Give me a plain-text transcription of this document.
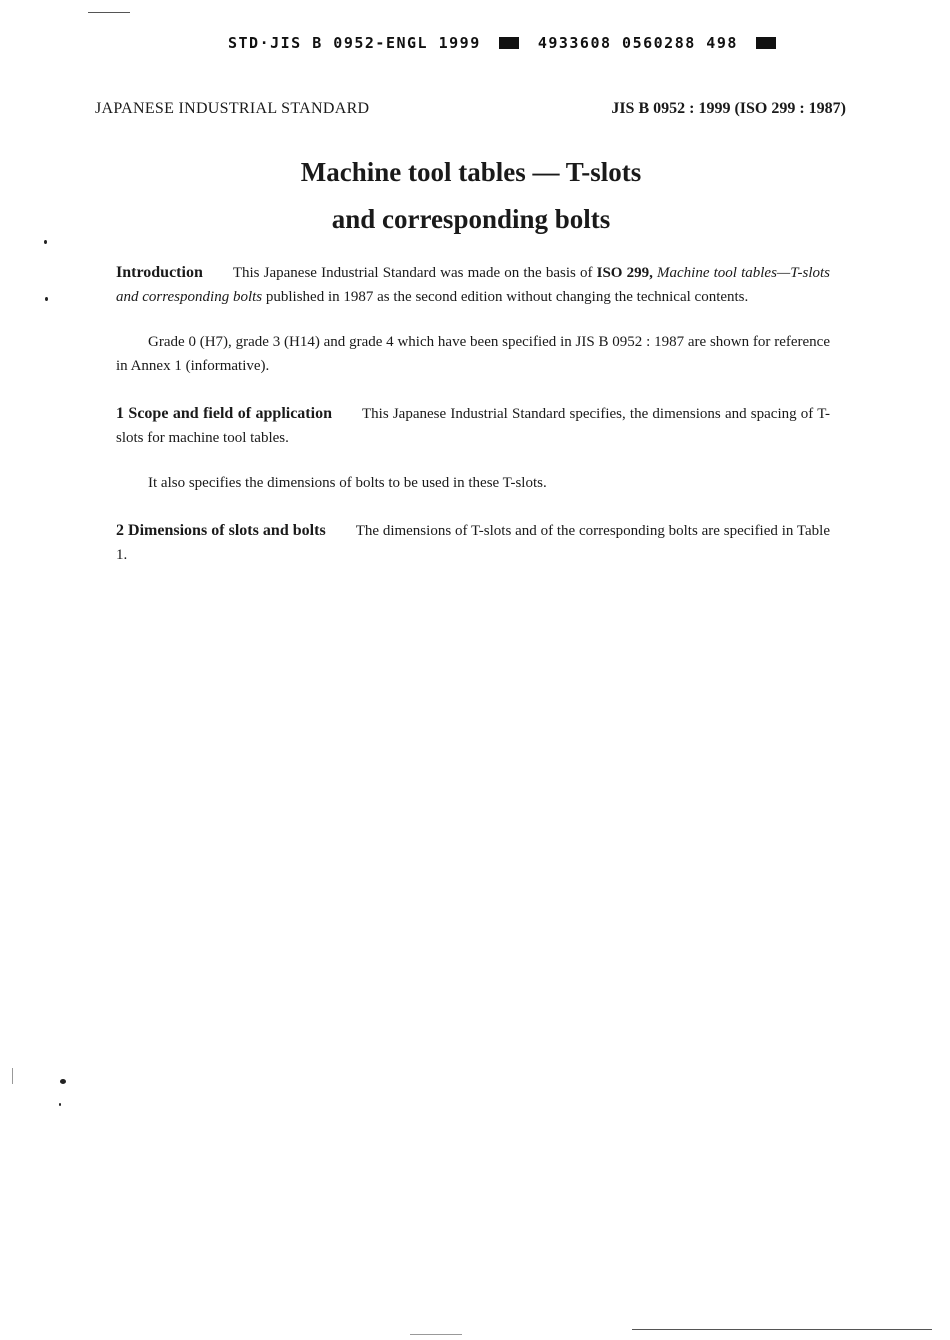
STD·JIS B 0952-ENGL 1999	4933608 0560288 498
JAPANESE INDUSTRIAL STANDARD	JIS B 0952 : 1999 (ISO 299 : 1987)
Machine tool tables — T-slots
and corresponding bolts
Introduction This Japanese Industrial Standard was made on the basis of ISO 299, Machine tool tables—T-slots and corresponding bolts published in 1987 as the second edition without changing the technical contents.
Grade 0 (H7), grade 3 (H14) and grade 4 which have been specified in JIS B 0952 : 1987 are shown for reference in Annex 1 (informative).
1 Scope and field of application This Japanese Industrial Standard specifies, the dimensions and spacing of T-slots for machine tool tables.
It also specifies the dimensions of bolts to be used in these T-slots.
2 Dimensions of slots and bolts The dimensions of T-slots and of the corresponding bolts are specified in Table 1.
